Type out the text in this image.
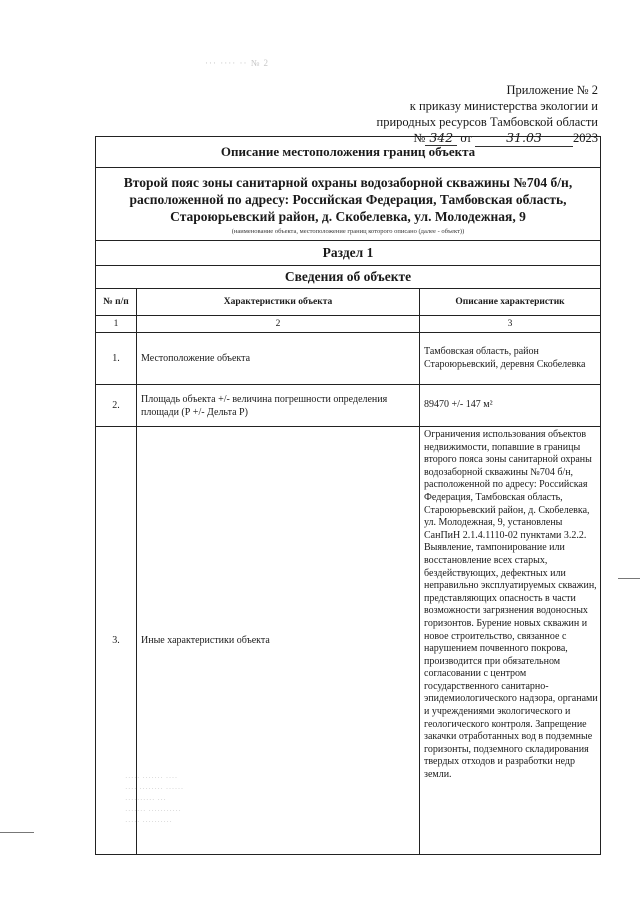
··· ···· ·· № 2
Приложение № 2
к приказу министерства экологии и
природных ресурсов Тамбовской области
№ 342 от	31.03 2023
Описание местоположения границ объекта		
Второй пояс зоны санитарной охраны водозаборной скважины №704 б/н, расположенной по адресу: Российская Федерация, Тамбовская область, Староюрьевский район, д. Скобелевка, ул. Молодежная, 9		
(наименование объекта, местоположение границ которого описано (далее - объект))		
Раздел 1		
Сведения об объекте		
№ п/п	Характеристики объекта	Описание характеристик
1	2	3
1.	Местоположение объекта	Тамбовская область, район Староюрьевский, деревня Скобелевка
2.	Площадь объекта +/- величина погрешности определения площади (Р +/- Дельта Р)	89470 +/- 147 м²
3.	Иные характеристики объекта	Ограничения использования объектов недвижимости, попавшие в границы второго пояса зоны санитарной охраны водозаборной скважины №704 б/н, расположенной по адресу: Российская Федерация, Тамбовская область, Староюрьевский район, д. Скобелевка, ул. Молодежная, 9, установлены СанПиН 2.1.4.1110-02 пунктами 3.2.2. Выявление, тампонирование или восстановление всех старых, бездействующих, дефектных или неправильно эксплуатируемых скважин, представляющих опасность в части возможности загрязнения водоносных горизонтов. Бурение новых скважин и новое строительство, связанное с нарушением почвенного покрова, производится при обязательном согласовании с центром государственного санитарно-эпидемиологического надзора, органами и учреждениями экологического и геологического контроля. Запрещение закачки отработанных вод в подземные горизонты, подземного складирования твердых отходов и разработки недр земли.
····· ······· ····
···· ········ ······
·········· ···
······· ···········
····· ··········
